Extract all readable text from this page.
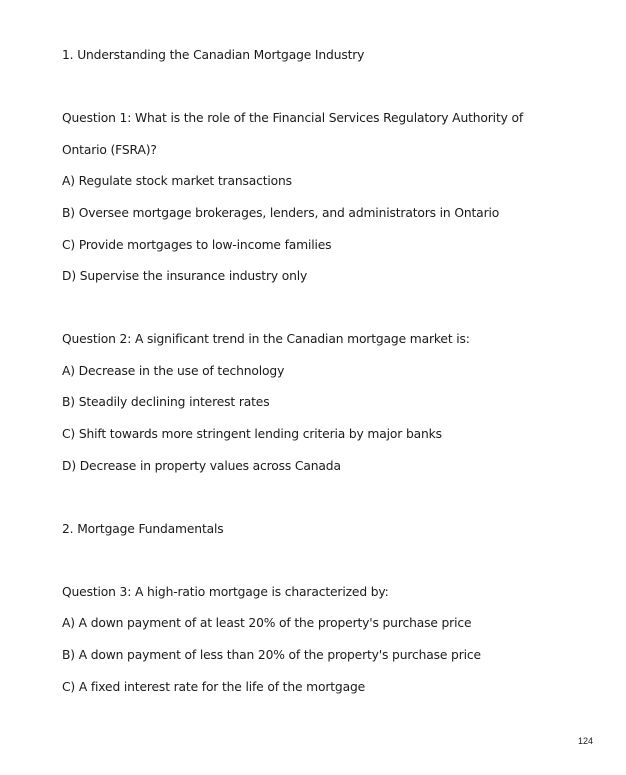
1. Understanding the Canadian Mortgage Industry
Question 1: What is the role of the Financial Services Regulatory Authority of
Ontario (FSRA)?
A) Regulate stock market transactions
B) Oversee mortgage brokerages, lenders, and administrators in Ontario
C) Provide mortgages to low-income families
D) Supervise the insurance industry only
Question 2: A significant trend in the Canadian mortgage market is:
A) Decrease in the use of technology
B) Steadily declining interest rates
C) Shift towards more stringent lending criteria by major banks
D) Decrease in property values across Canada
2. Mortgage Fundamentals
Question 3: A high-ratio mortgage is characterized by:
A) A down payment of at least 20% of the property's purchase price
B) A down payment of less than 20% of the property's purchase price
C) A fixed interest rate for the life of the mortgage
124
